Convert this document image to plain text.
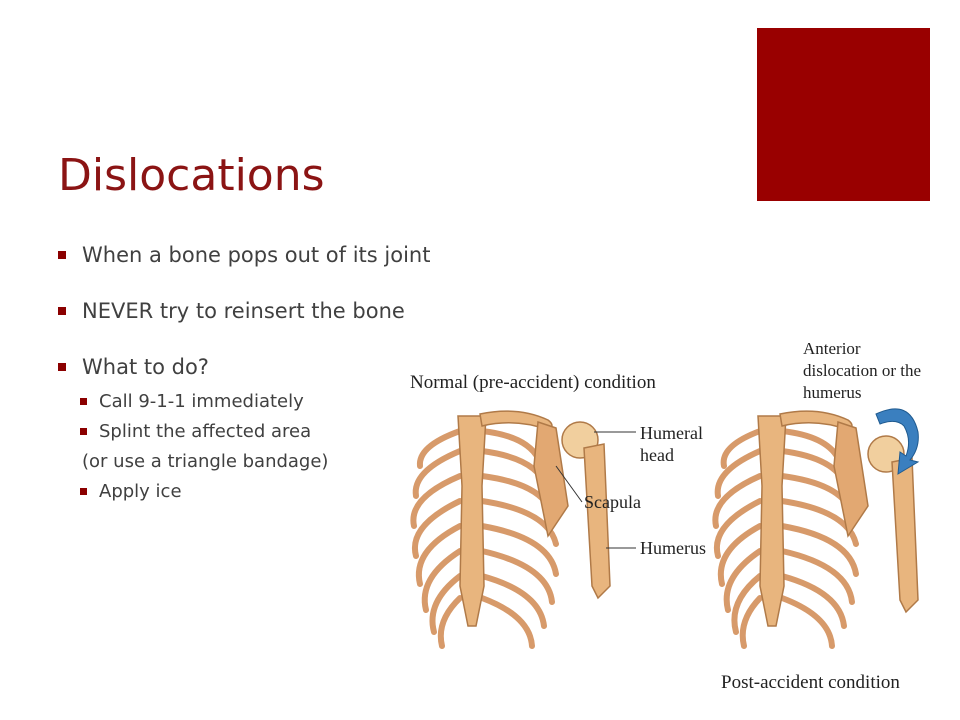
Dislocations
When a bone pops out of its joint
NEVER try to reinsert the bone
What to do?
Call 9-1-1 immediately
Splint the affected area
(or use a triangle bandage)
Apply ice
Normal (pre-accident) condition
Post-accident condition
Anterior
dislocation or the
humerus
Humeral
head
Scapula
Humerus
